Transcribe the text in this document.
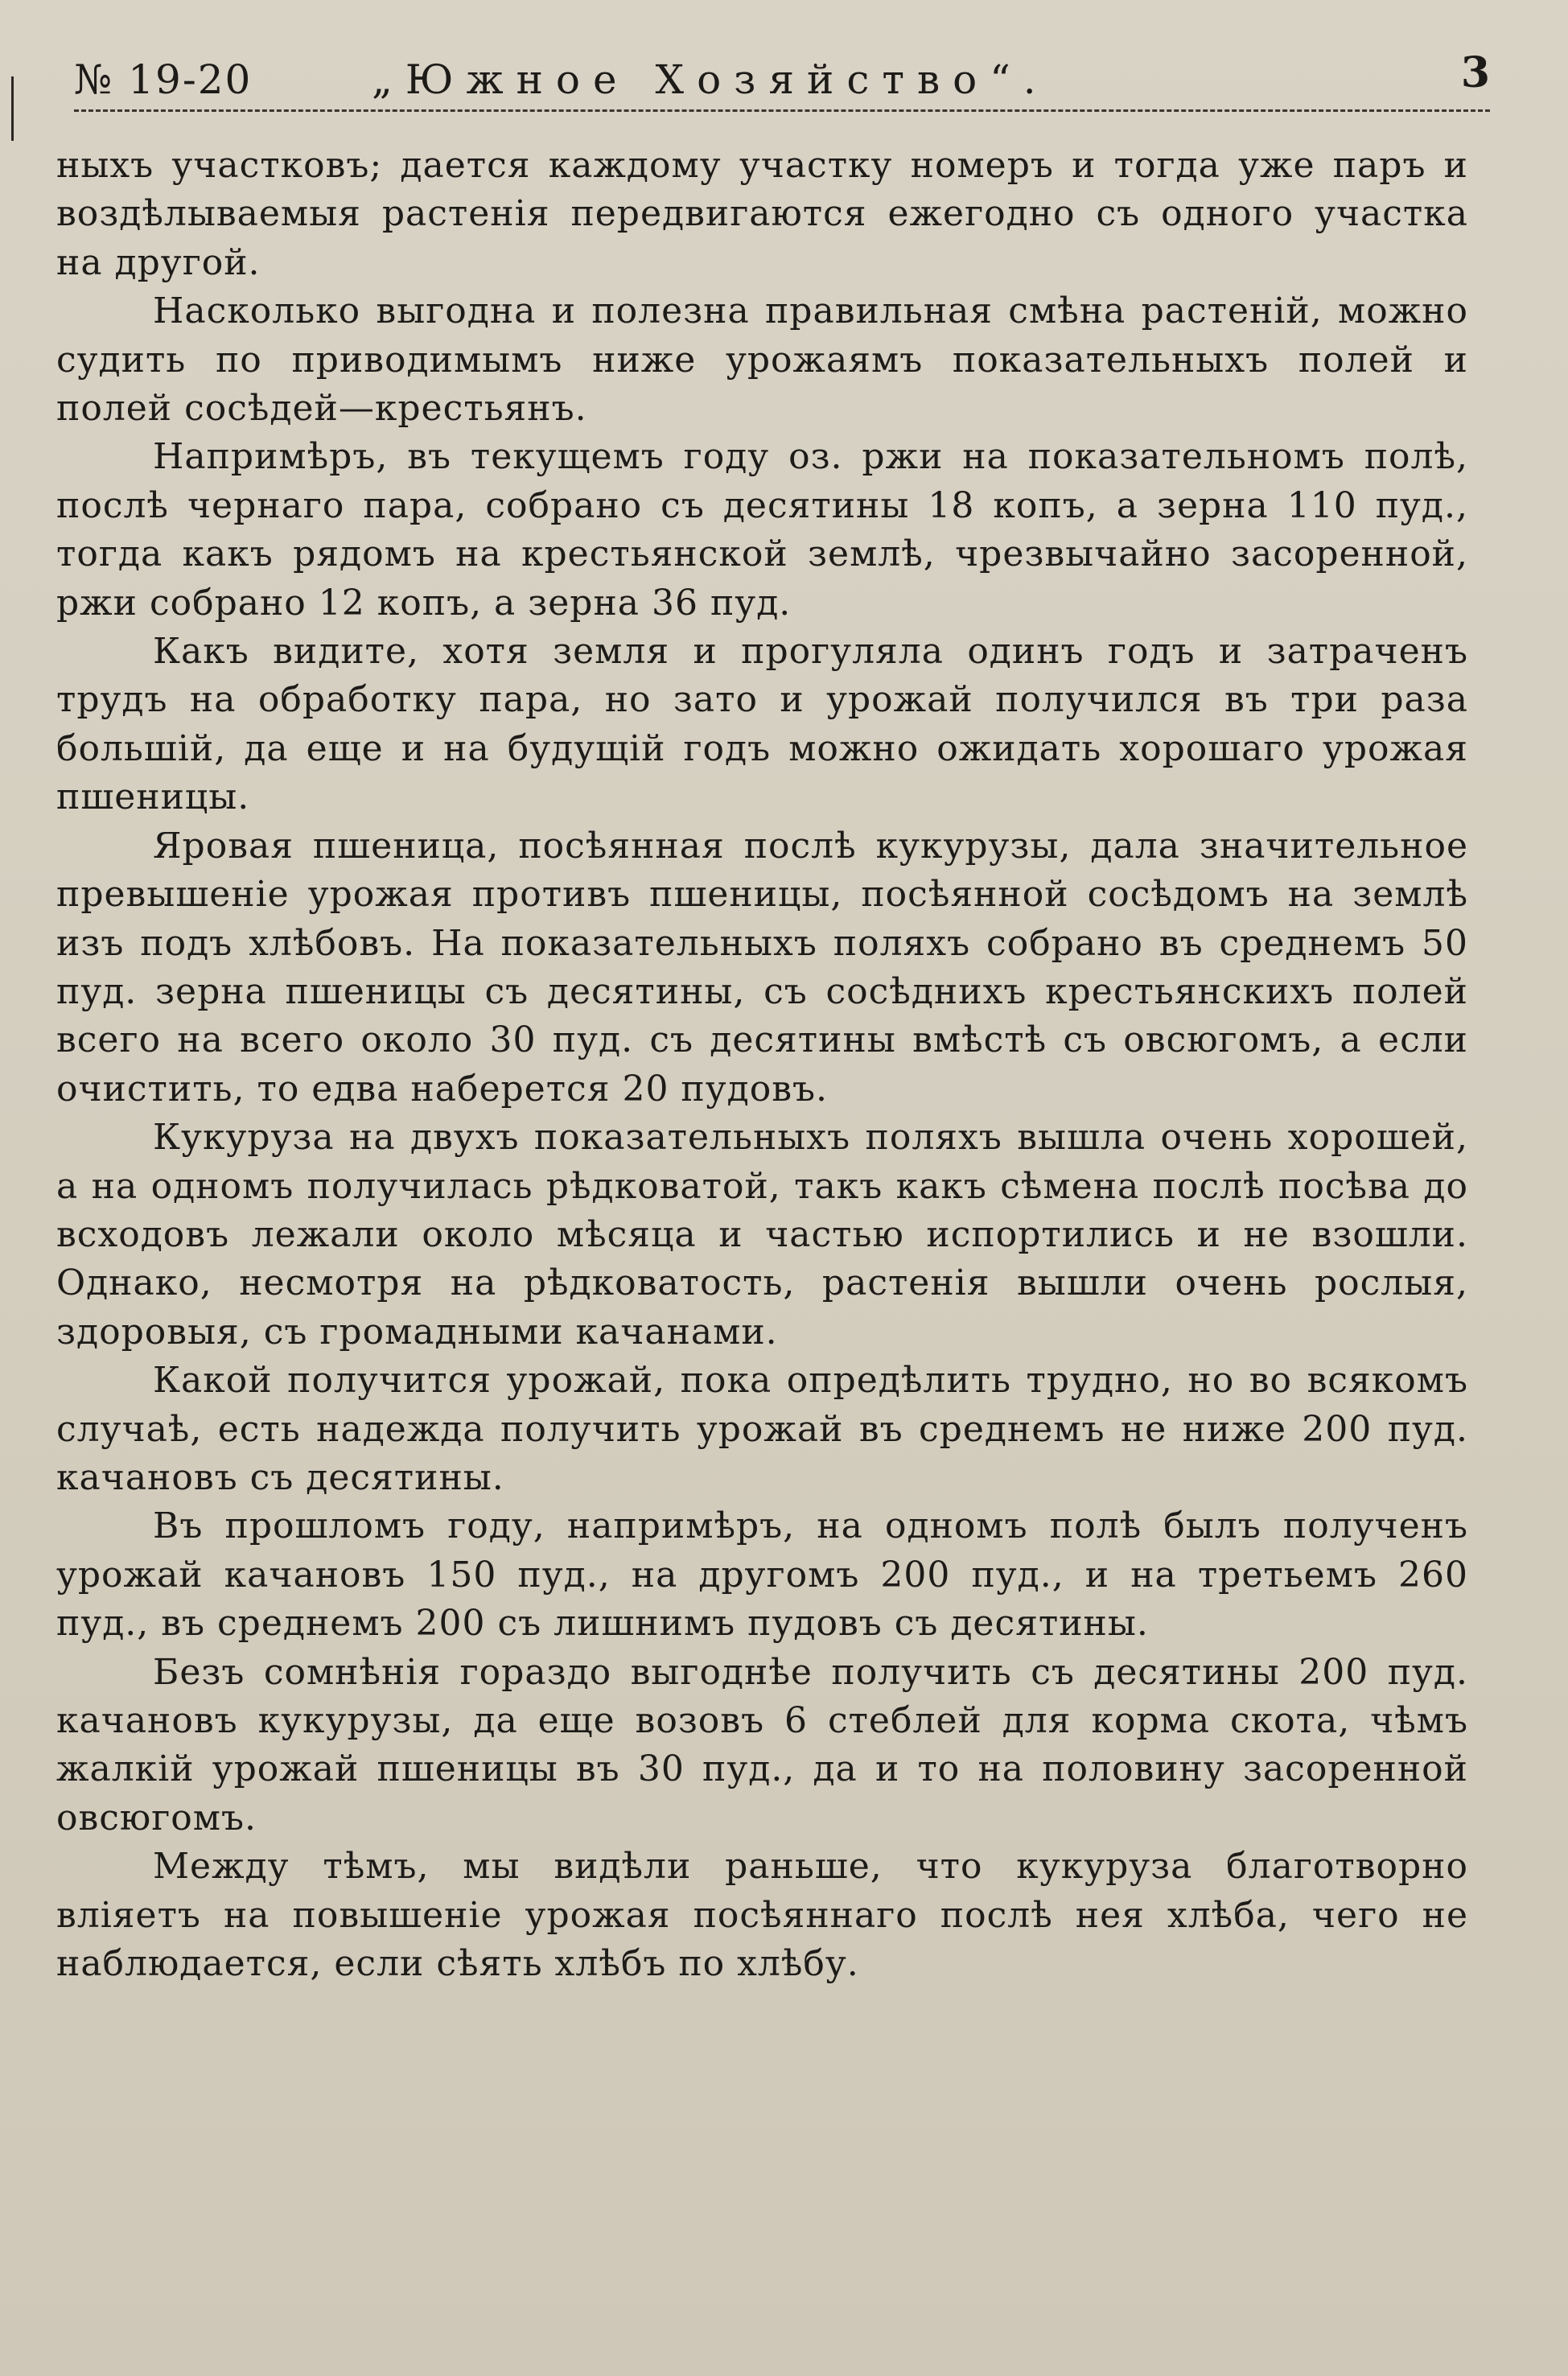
№ 19-20	„Южное Хозяйство“.	3

ныхъ участковъ; дается каждому участку номеръ и тогда уже паръ и воздѣлываемыя растенія передвигаются ежегодно съ одного участка на другой.

Насколько выгодна и полезна правильная смѣна растеній, можно судить по приводимымъ ниже урожаямъ показательныхъ полей и полей сосѣдей—крестьянъ.

Напримѣръ, въ текущемъ году оз. ржи на показательномъ полѣ, послѣ чернаго пара, собрано съ десятины 18 копъ, а зерна 110 пуд., тогда какъ рядомъ на крестьянской землѣ, чрезвычайно засоренной, ржи собрано 12 копъ, а зерна 36 пуд.

Какъ видите, хотя земля и прогуляла одинъ годъ и затраченъ трудъ на обработку пара, но зато и урожай получился въ три раза большій, да еще и на будущій годъ можно ожидать хорошаго урожая пшеницы.

Яровая пшеница, посѣянная послѣ кукурузы, дала значительное превышеніе урожая противъ пшеницы, посѣянной сосѣдомъ на землѣ изъ подъ хлѣбовъ. На показательныхъ поляхъ собрано въ среднемъ 50 пуд. зерна пшеницы съ десятины, съ сосѣднихъ крестьянскихъ полей всего на всего около 30 пуд. съ десятины вмѣстѣ съ овсюгомъ, а если очистить, то едва наберется 20 пудовъ.

Кукуруза на двухъ показательныхъ поляхъ вышла очень хорошей, а на одномъ получилась рѣдковатой, такъ какъ сѣмена послѣ посѣва до всходовъ лежали около мѣсяца и частью испортились и не взошли. Однако, несмотря на рѣдковатость, растенія вышли очень рослыя, здоровыя, съ громадными качанами.

Какой получится урожай, пока опредѣлить трудно, но во всякомъ случаѣ, есть надежда получить урожай въ среднемъ не ниже 200 пуд. качановъ съ десятины.

Въ прошломъ году, напримѣръ, на одномъ полѣ былъ полученъ урожай качановъ 150 пуд., на другомъ 200 пуд., и на третьемъ 260 пуд., въ среднемъ 200 съ лишнимъ пудовъ съ десятины.

Безъ сомнѣнія гораздо выгоднѣе получить съ десятины 200 пуд. качановъ кукурузы, да еще возовъ 6 стеблей для корма скота, чѣмъ жалкій урожай пшеницы въ 30 пуд., да и то на половину засоренной овсюгомъ.

Между тѣмъ, мы видѣли раньше, что кукуруза благотворно вліяетъ на повышеніе урожая посѣяннаго послѣ нея хлѣба, чего не наблюдается, если сѣять хлѣбъ по хлѣбу.
